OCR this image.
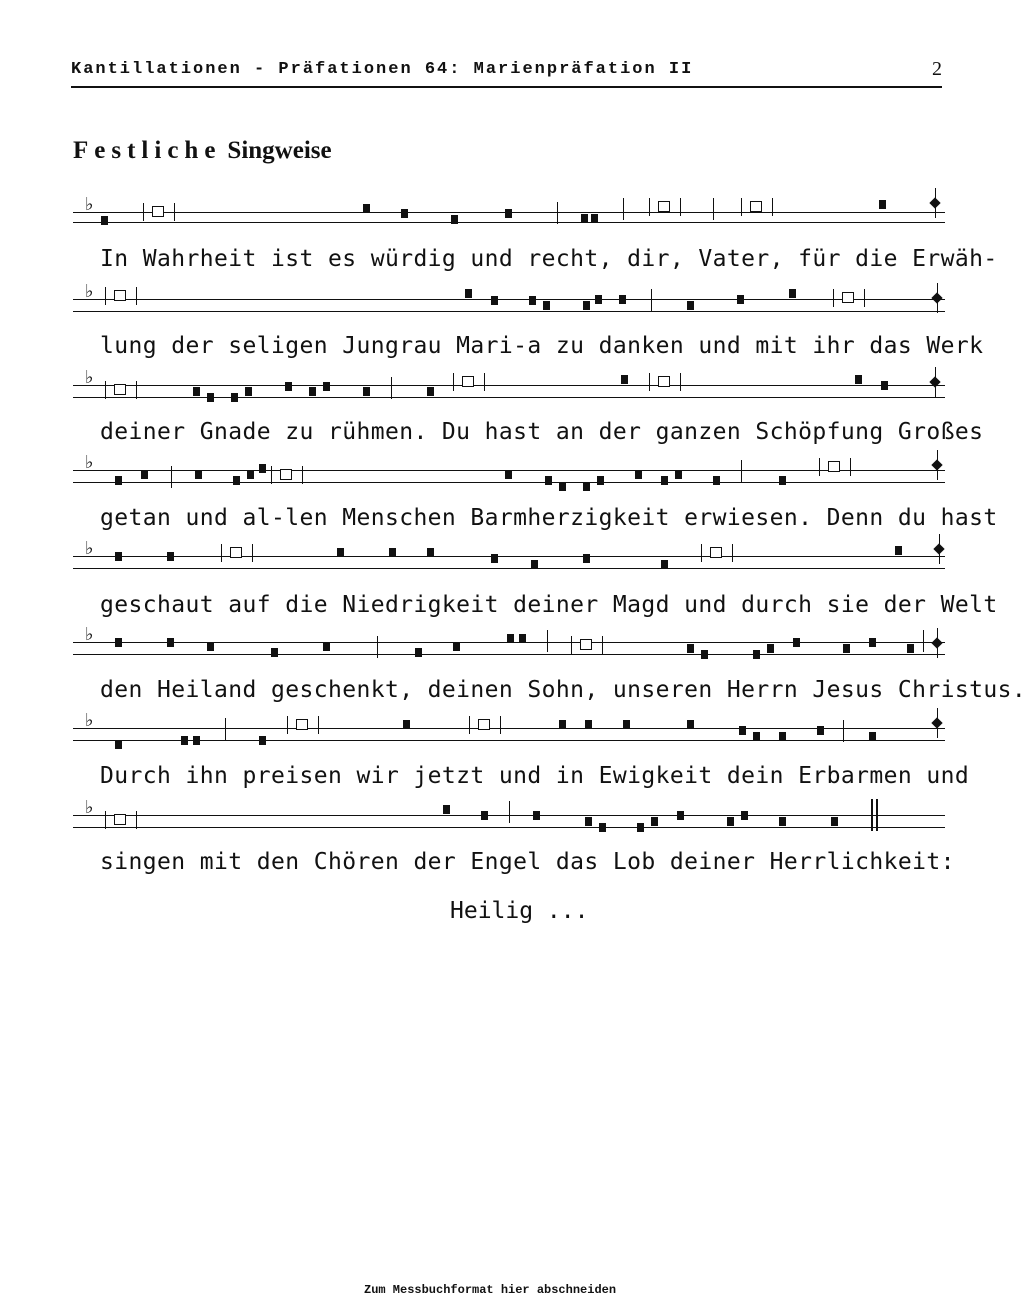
Kantillationen - Präfationen 64: Marienpräfation II	2
Festliche Singweise
♭
In Wahrheit ist es würdig und recht, dir, Vater, für die Erwäh-
♭
lung der seligen Jungrau Mari-a zu danken und mit ihr das Werk
♭
deiner Gnade zu rühmen. Du hast an der ganzen Schöpfung Großes
♭
getan und al-len Menschen Barmherzigkeit erwiesen. Denn du hast
♭
geschaut auf die Niedrigkeit deiner Magd und durch sie der Welt
♭
den Heiland geschenkt, deinen Sohn, unseren Herrn Jesus Christus.
♭
Durch ihn preisen wir jetzt und in Ewigkeit dein Erbarmen und
♭
singen mit den Chören der Engel das Lob deiner Herrlichkeit:
Heilig ...
Zum Messbuchformat hier abschneiden
